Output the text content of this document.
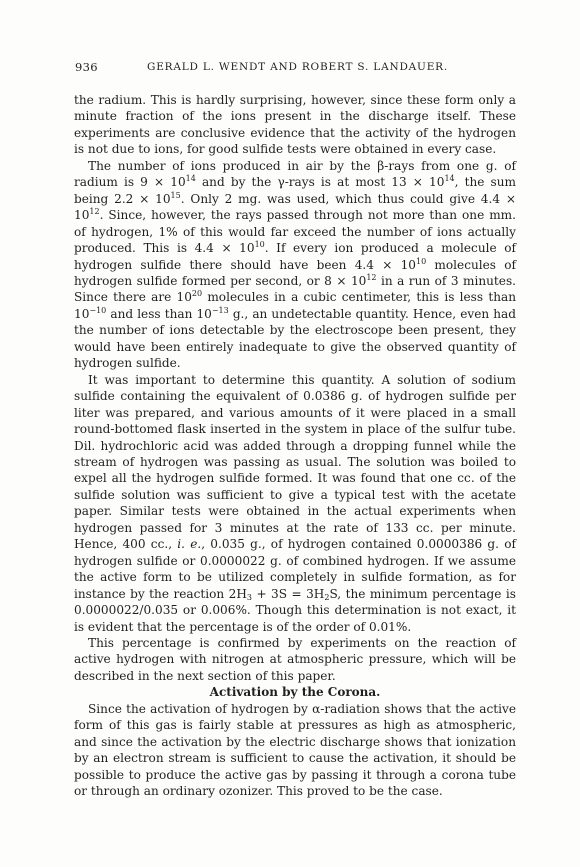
936	GERALD L. WENDT AND ROBERT S. LANDAUER.

the radium. This is hardly surprising, however, since these form only a minute fraction of the ions present in the discharge itself. These experiments are conclusive evidence that the activity of the hydrogen is not due to ions, for good sulfide tests were obtained in every case.

The number of ions produced in air by the β-rays from one g. of radium is $9 \times 10^{14}$ and by the γ-rays is at most $13 \times 10^{14}$, the sum being $2.2 \times 10^{15}$. Only 2 mg. was used, which thus could give $4.4 \times 10^{12}$. Since, however, the rays passed through not more than one mm. of hydrogen, 1% of this would far exceed the number of ions actually produced. This is $4.4 \times 10^{10}$. If every ion produced a molecule of hydrogen sulfide there should have been $4.4 \times 10^{10}$ molecules of hydrogen sulfide formed per second, or $8 \times 10^{12}$ in a run of 3 minutes. Since there are $10^{20}$ molecules in a cubic centimeter, this is less than $10^{-10}$ and less than $10^{-13}$ g., an undetectable quantity. Hence, even had the number of ions detectable by the electroscope been present, they would have been entirely inadequate to give the observed quantity of hydrogen sulfide.

It was important to determine this quantity. A solution of sodium sulfide containing the equivalent of 0.0386 g. of hydrogen sulfide per liter was prepared, and various amounts of it were placed in a small round-bottomed flask inserted in the system in place of the sulfur tube. Dil. hydrochloric acid was added through a dropping funnel while the stream of hydrogen was passing as usual. The solution was boiled to expel all the hydrogen sulfide formed. It was found that one cc. of the sulfide solution was sufficient to give a typical test with the acetate paper. Similar tests were obtained in the actual experiments when hydrogen passed for 3 minutes at the rate of 133 cc. per minute. Hence, 400 cc., i. e., 0.035 g., of hydrogen contained 0.0000386 g. of hydrogen sulfide or 0.0000022 g. of combined hydrogen. If we assume the active form to be utilized completely in sulfide formation, as for instance by the reaction $2H_3 + 3S = 3H_2S$, the minimum percentage is 0.0000022/0.035 or 0.006%. Though this determination is not exact, it is evident that the percentage is of the order of 0.01%.

This percentage is confirmed by experiments on the reaction of active hydrogen with nitrogen at atmospheric pressure, which will be described in the next section of this paper.

Activation by the Corona.

Since the activation of hydrogen by α-radiation shows that the active form of this gas is fairly stable at pressures as high as atmospheric, and since the activation by the electric discharge shows that ionization by an electron stream is sufficient to cause the activation, it should be possible to produce the active gas by passing it through a corona tube or through an ordinary ozonizer. This proved to be the case.
